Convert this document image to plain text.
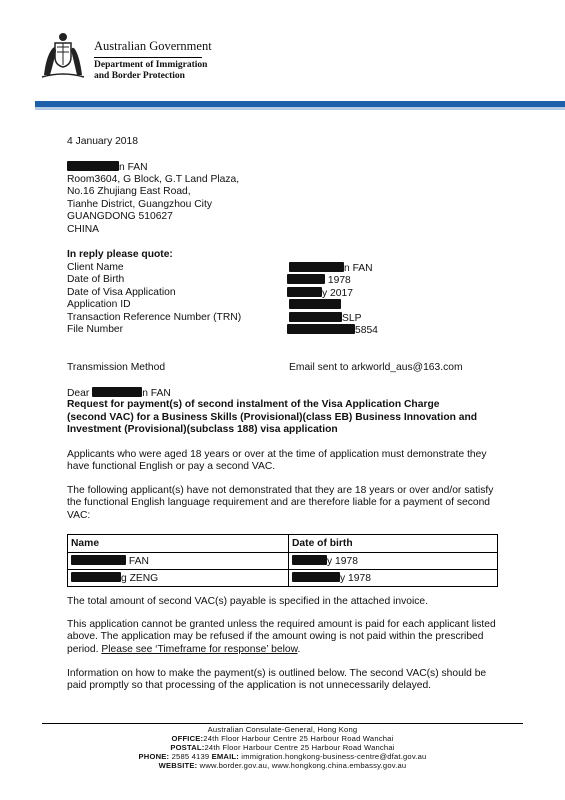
Australian Government
Department of Immigration
and Border Protection
4 January 2018
n FAN
Room3604, G Block, G.T Land Plaza,
No.16 Zhujiang East Road,
Tianhe District, Guangzhou City
GUANGDONG 510627
CHINA
In reply please quote:
Client Name	n FAN
Date of Birth	1978
Date of Visa Application	y 2017
Application ID
Transaction Reference Number (TRN)	SLP
File Number	5854
Transmission Method	Email sent to arkworld_aus@163.com
Dear	n FAN
Request for payment(s) of second instalment of the Visa Application Charge
(second VAC) for a Business Skills (Provisional)(class EB) Business Innovation and
Investment (Provisional)(subclass 188) visa application
Applicants who were aged 18 years or over at the time of application must demonstrate they have functional English or pay a second VAC.
The following applicant(s) have not demonstrated that they are 18 years or over and/or satisfy the functional English language requirement and are therefore liable for a payment of second VAC:
Name	Date of birth
FAN	y 1978
g ZENG	y 1978
The total amount of second VAC(s) payable is specified in the attached invoice.
This application cannot be granted unless the required amount is paid for each applicant listed above. The application may be refused if the amount owing is not paid within the prescribed period. Please see ‘Timeframe for response’ below.
Information on how to make the payment(s) is outlined below. The second VAC(s) should be paid promptly so that processing of the application is not unnecessarily delayed.
Australian Consulate-General, Hong Kong
OFFICE:24th Floor Harbour Centre 25 Harbour Road Wanchai
POSTAL:24th Floor Harbour Centre 25 Harbour Road Wanchai
PHONE: 2585 4139 EMAIL: immigration.hongkong-business-centre@dfat.gov.au
WEBSITE: www.border.gov.au, www.hongkong.china.embassy.gov.au
